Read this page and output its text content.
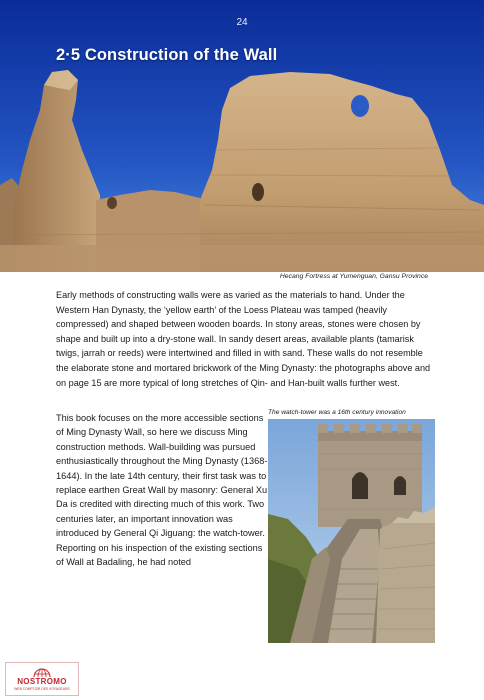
24
2·5 Construction of the Wall
Hecang Fortress at Yumenguan, Gansu Province

Early methods of constructing walls were as varied as the materials to hand. Under the Western Han Dynasty, the ‘yellow earth’ of the Loess Plateau was tamped (heavily compressed) and shaped between wooden boards. In stony areas, stones were chosen by shape and built up into a dry-stone wall. In sandy desert areas, available plants (tamarisk twigs, jarrah or reeds) were intertwined and filled in with sand. These walls do not resemble the elaborate stone and mortared brickwork of the Ming Dynasty: the photographs above and on page 15 are more typical of long stretches of Qin- and Han-built walls further west.

This book focuses on the more accessible sections of Ming Dynasty Wall, so here we discuss Ming construction methods. Wall-building was pursued enthusiastically throughout the Ming Dynasty (1368-1644). In the late 14th century, their first task was to replace earthen Great Wall by masonry: General Xu Da is credited with directing much of this work. Two centuries later, an important innovation was introduced by General Qi Jiguang: the watch-tower. Reporting on his inspection of the existing sections of Wall at Badaling, he had noted

The watch-tower was a 16th century innovation
NOSTROMO
WEB COMPTOIR DES VOYAGEURS
